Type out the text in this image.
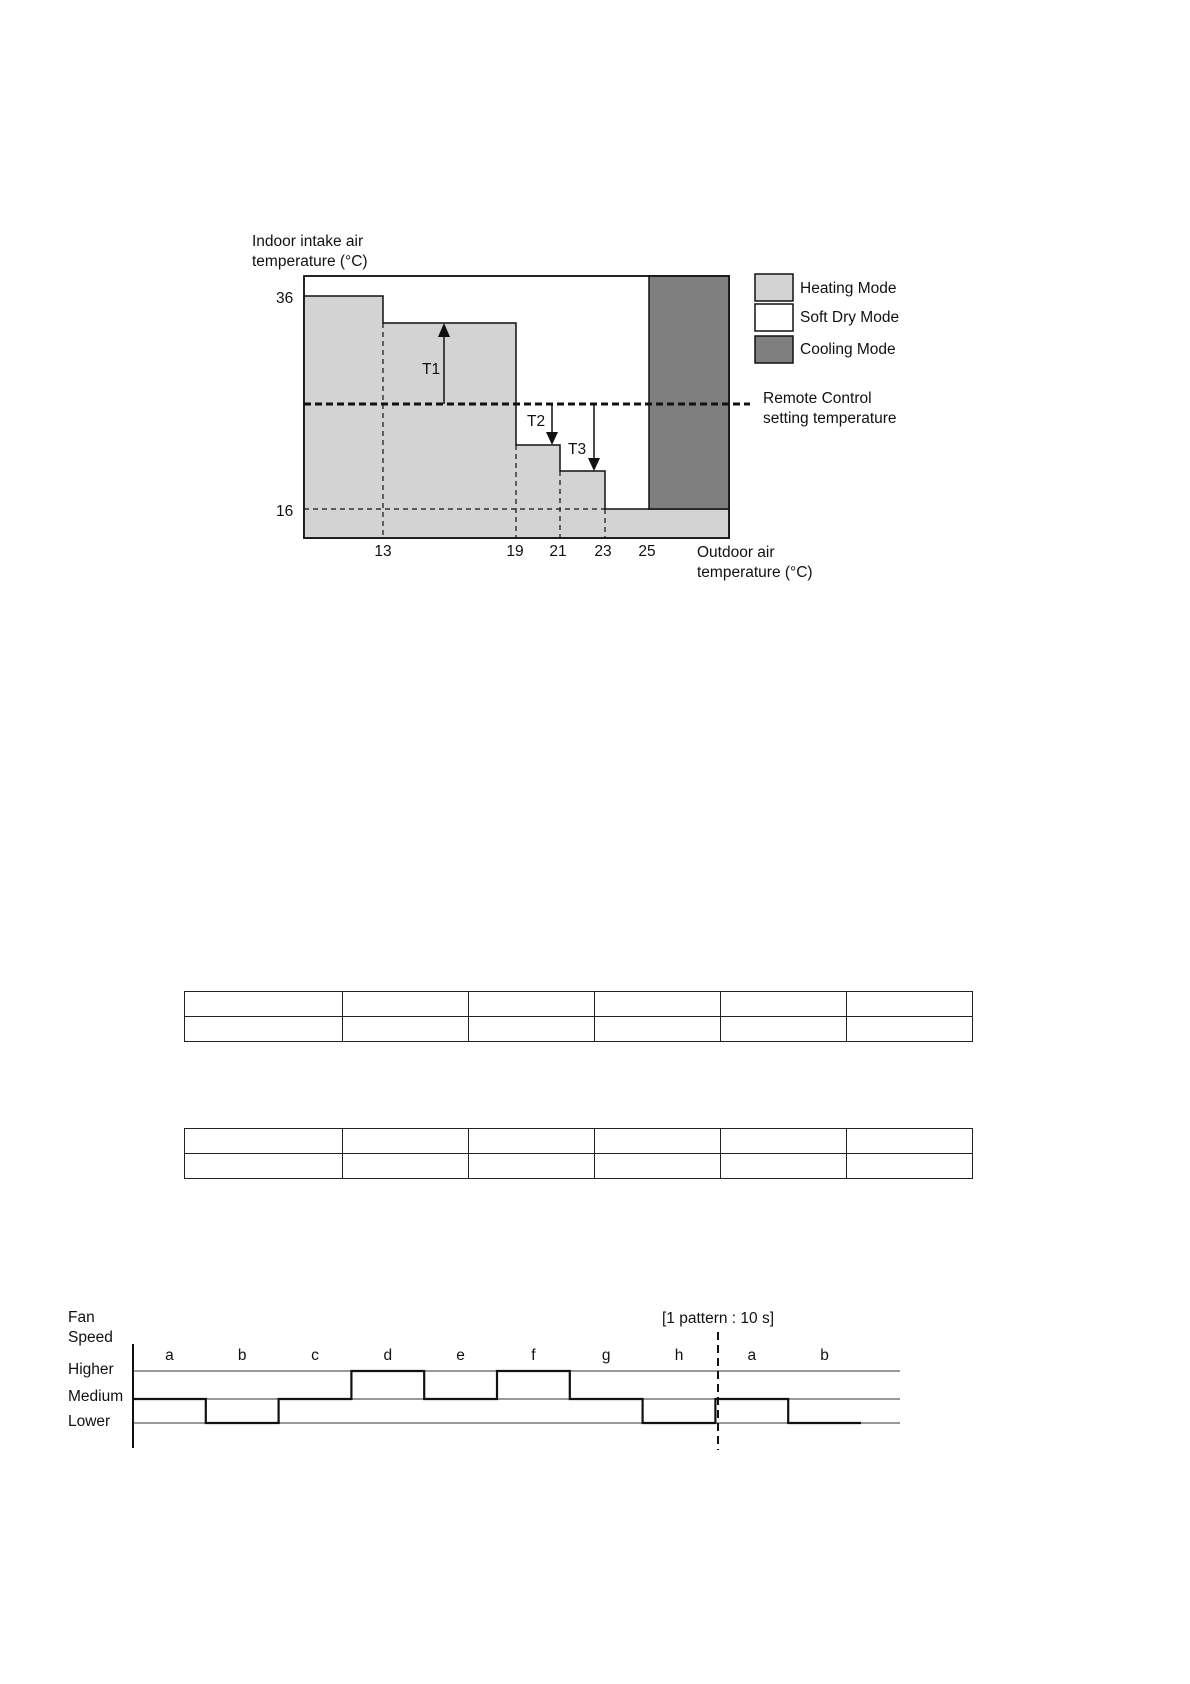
Indoor intake air
temperature (°C)
T1
T2
T3
36
16
13	19 21 23 25	Outdoor air
temperature (°C)
Heating Mode
Soft Dry Mode
Cooling Mode
Remote Control
setting temperature

Fan
Speed
[1 pattern : 10 s]
Higher
Medium
Lower
a	b	c	d	e	f	g	h	a	b
